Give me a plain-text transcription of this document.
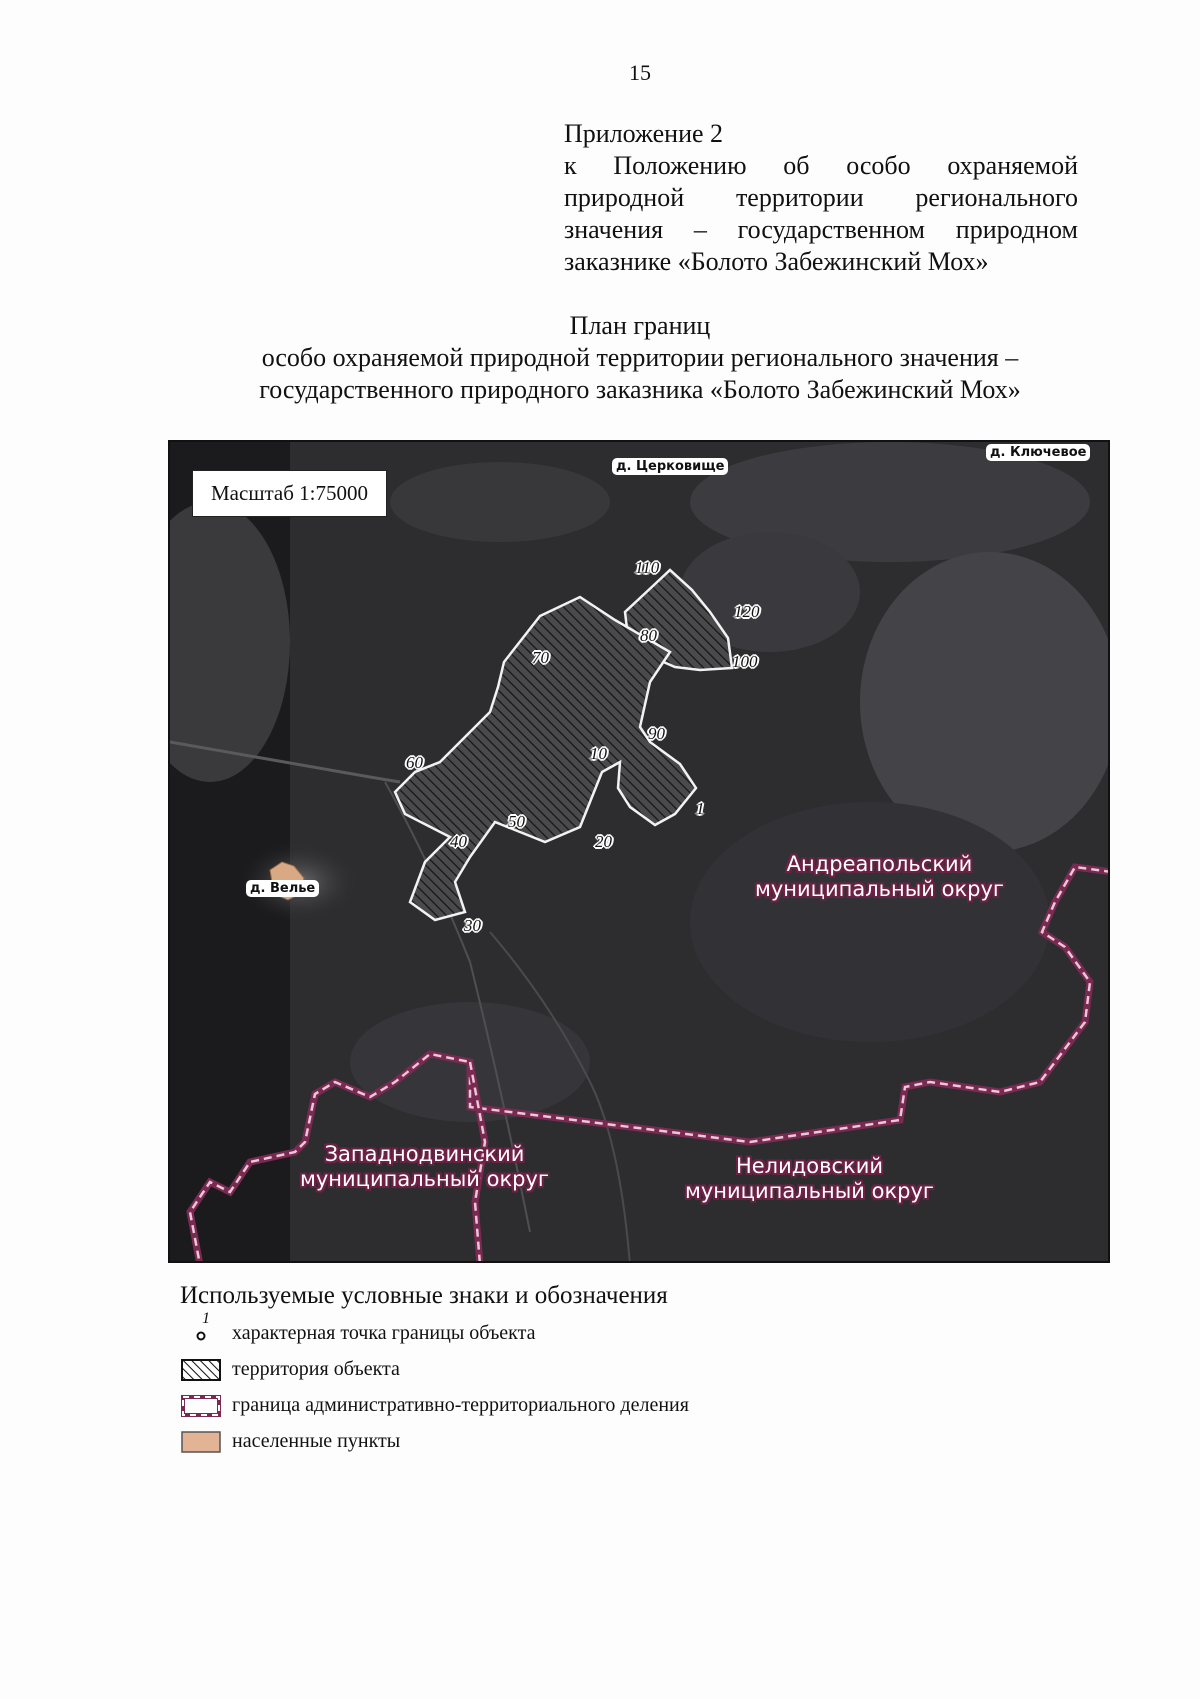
15
Приложение 2
к Положению об особо охраняемой природной территории регионального значения – государственном природном заказнике «Болото Забежинский Мох»
План границ
особо охраняемой природной территории регионального значения –
государственного природного заказника «Болото Забежинский Мох»
Масштаб 1:75000
д. Церковище
д. Ключевое
д. Велье
Андреапольский
муниципальный округ
Западнодвинский
муниципальный округ
Нелидовский
муниципальный округ
1
10
20
30
40
50
60
70
80
90
100
110
120
Используемые условные знаки и обозначения
1
характерная точка границы объекта
территория объекта
граница административно-территориального деления
населенные пункты
